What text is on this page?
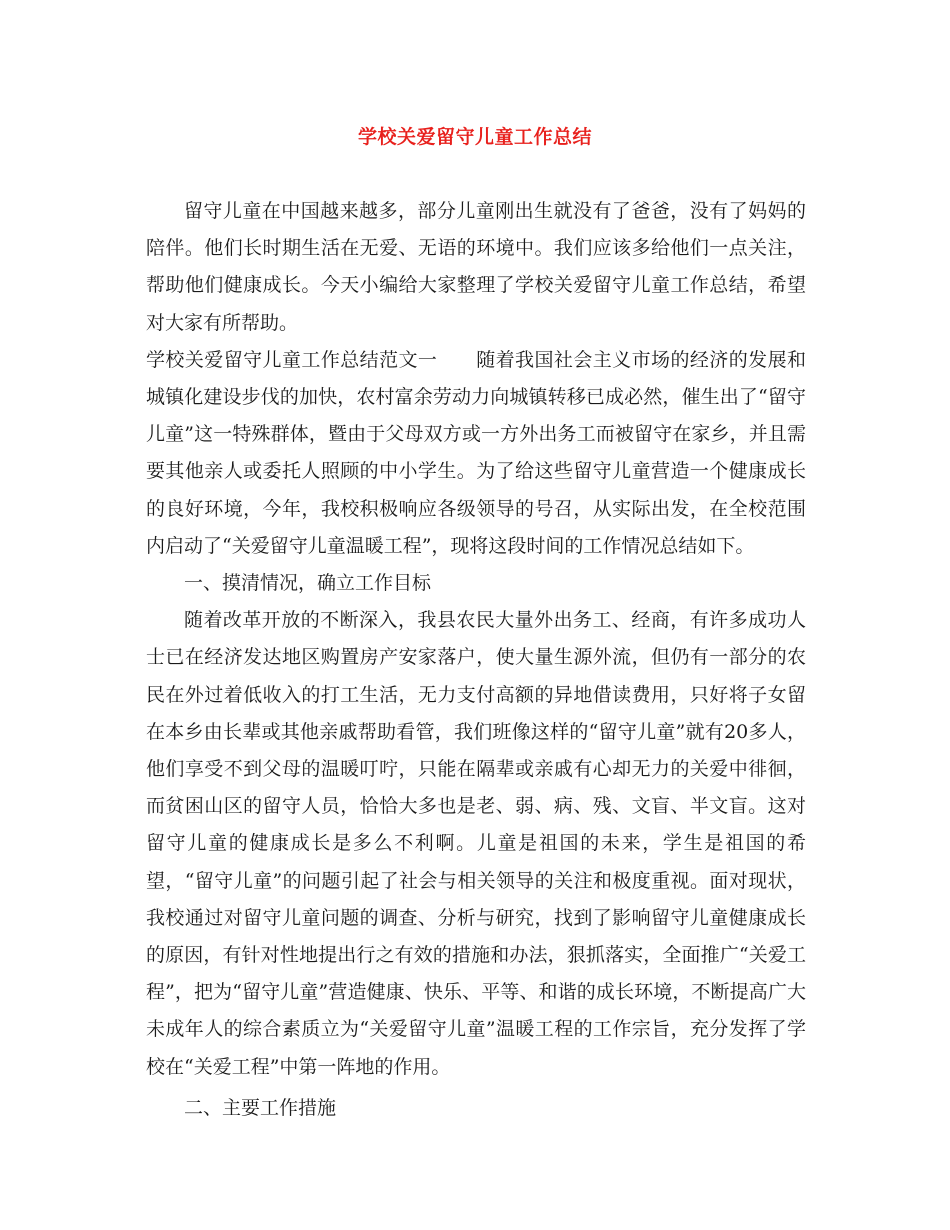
学校关爱留守儿童工作总结

留守儿童在中国越来越多，部分儿童刚出生就没有了爸爸，没有了妈妈的陪伴。他们长时期生活在无爱、无语的环境中。我们应该多给他们一点关注，帮助他们健康成长。今天小编给大家整理了学校关爱留守儿童工作总结，希望对大家有所帮助。

学校关爱留守儿童工作总结范文一　　随着我国社会主义市场的经济的发展和城镇化建设步伐的加快，农村富余劳动力向城镇转移已成必然，催生出了“留守儿童”这一特殊群体，暨由于父母双方或一方外出务工而被留守在家乡，并且需要其他亲人或委托人照顾的中小学生。为了给这些留守儿童营造一个健康成长的良好环境，今年，我校积极响应各级领导的号召，从实际出发，在全校范围内启动了“关爱留守儿童温暖工程”，现将这段时间的工作情况总结如下。

一、摸清情况，确立工作目标

随着改革开放的不断深入，我县农民大量外出务工、经商，有许多成功人士已在经济发达地区购置房产安家落户，使大量生源外流，但仍有一部分的农民在外过着低收入的打工生活，无力支付高额的异地借读费用，只好将子女留在本乡由长辈或其他亲戚帮助看管，我们班像这样的“留守儿童”就有20多人，他们享受不到父母的温暖叮咛，只能在隔辈或亲戚有心却无力的关爱中徘徊，而贫困山区的留守人员，恰恰大多也是老、弱、病、残、文盲、半文盲。这对留守儿童的健康成长是多么不利啊。儿童是祖国的未来，学生是祖国的希望，“留守儿童”的问题引起了社会与相关领导的关注和极度重视。面对现状，我校通过对留守儿童问题的调查、分析与研究，找到了影响留守儿童健康成长的原因，有针对性地提出行之有效的措施和办法，狠抓落实，全面推广“关爱工程”，把为“留守儿童”营造健康、快乐、平等、和谐的成长环境，不断提高广大未成年人的综合素质立为“关爱留守儿童”温暖工程的工作宗旨，充分发挥了学校在“关爱工程”中第一阵地的作用。

二、主要工作措施
